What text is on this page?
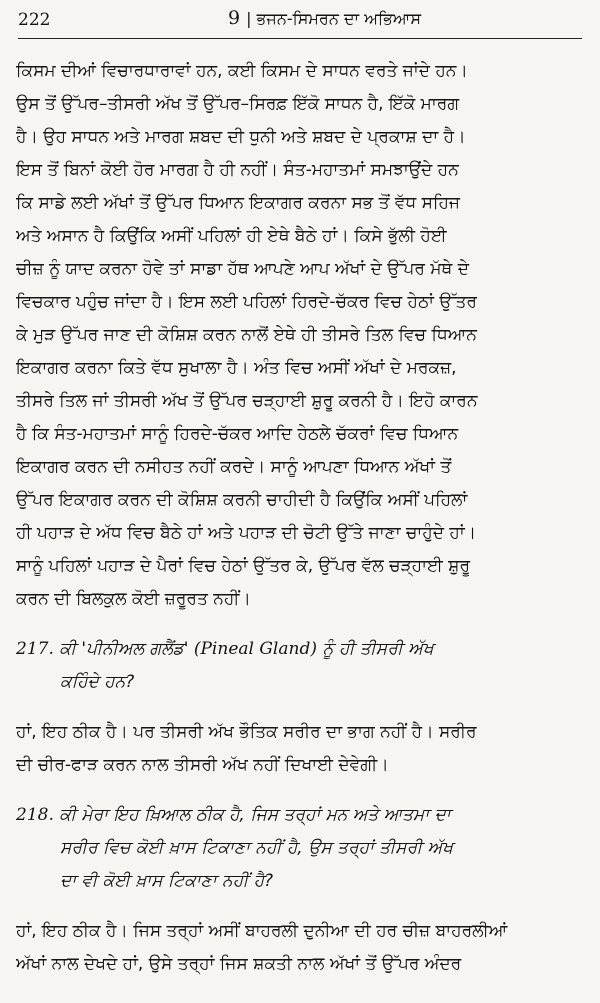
222	9 | ਭਜਨ-ਸਿਮਰਨ ਦਾ ਅਭਿਆਸ
ਕਿਸਮ ਦੀਆਂ ਵਿਚਾਰਧਾਰਾਵਾਂ ਹਨ, ਕਈ ਕਿਸਮ ਦੇ ਸਾਧਨ ਵਰਤੇ ਜਾਂਦੇ ਹਨ।
ਉਸ ਤੋਂ ਉੱਪਰ–ਤੀਸਰੀ ਅੱਖ ਤੋਂ ਉੱਪਰ–ਸਿਰਫ਼ ਇੱਕੋ ਸਾਧਨ ਹੈ, ਇੱਕੋ ਮਾਰਗ
ਹੈ। ਉਹ ਸਾਧਨ ਅਤੇ ਮਾਰਗ ਸ਼ਬਦ ਦੀ ਧੁਨੀ ਅਤੇ ਸ਼ਬਦ ਦੇ ਪ੍ਰਕਾਸ਼ ਦਾ ਹੈ।
ਇਸ ਤੋਂ ਬਿਨਾਂ ਕੋਈ ਹੋਰ ਮਾਰਗ ਹੈ ਹੀ ਨਹੀਂ। ਸੰਤ-ਮਹਾਤਮਾਂ ਸਮਝਾਉਂਦੇ ਹਨ
ਕਿ ਸਾਡੇ ਲਈ ਅੱਖਾਂ ਤੋਂ ਉੱਪਰ ਧਿਆਨ ਇਕਾਗਰ ਕਰਨਾ ਸਭ ਤੋਂ ਵੱਧ ਸਹਿਜ
ਅਤੇ ਅਸਾਨ ਹੈ ਕਿਉਂਕਿ ਅਸੀਂ ਪਹਿਲਾਂ ਹੀ ਏਥੇ ਬੈਠੇ ਹਾਂ। ਕਿਸੇ ਭੁੱਲੀ ਹੋਈ
ਚੀਜ਼ ਨੂੰ ਯਾਦ ਕਰਨਾ ਹੋਵੇ ਤਾਂ ਸਾਡਾ ਹੱਥ ਆਪਣੇ ਆਪ ਅੱਖਾਂ ਦੇ ਉੱਪਰ ਮੱਥੇ ਦੇ
ਵਿਚਕਾਰ ਪਹੁੰਚ ਜਾਂਦਾ ਹੈ। ਇਸ ਲਈ ਪਹਿਲਾਂ ਹਿਰਦੇ-ਚੱਕਰ ਵਿਚ ਹੇਠਾਂ ਉੱਤਰ
ਕੇ ਮੁੜ ਉੱਪਰ ਜਾਣ ਦੀ ਕੋਸ਼ਿਸ਼ ਕਰਨ ਨਾਲੋਂ ਏਥੇ ਹੀ ਤੀਸਰੇ ਤਿਲ ਵਿਚ ਧਿਆਨ
ਇਕਾਗਰ ਕਰਨਾ ਕਿਤੇ ਵੱਧ ਸੁਖਾਲਾ ਹੈ। ਅੰਤ ਵਿਚ ਅਸੀਂ ਅੱਖਾਂ ਦੇ ਮਰਕਜ਼,
ਤੀਸਰੇ ਤਿਲ ਜਾਂ ਤੀਸਰੀ ਅੱਖ ਤੋਂ ਉੱਪਰ ਚੜ੍ਹਾਈ ਸ਼ੁਰੂ ਕਰਨੀ ਹੈ। ਇਹੋ ਕਾਰਨ
ਹੈ ਕਿ ਸੰਤ-ਮਹਾਤਮਾਂ ਸਾਨੂੰ ਹਿਰਦੇ-ਚੱਕਰ ਆਦਿ ਹੇਠਲੇ ਚੱਕਰਾਂ ਵਿਚ ਧਿਆਨ
ਇਕਾਗਰ ਕਰਨ ਦੀ ਨਸੀਹਤ ਨਹੀਂ ਕਰਦੇ। ਸਾਨੂੰ ਆਪਣਾ ਧਿਆਨ ਅੱਖਾਂ ਤੋਂ
ਉੱਪਰ ਇਕਾਗਰ ਕਰਨ ਦੀ ਕੋਸ਼ਿਸ਼ ਕਰਨੀ ਚਾਹੀਦੀ ਹੈ ਕਿਉਂਕਿ ਅਸੀਂ ਪਹਿਲਾਂ
ਹੀ ਪਹਾੜ ਦੇ ਅੱਧ ਵਿਚ ਬੈਠੇ ਹਾਂ ਅਤੇ ਪਹਾੜ ਦੀ ਚੋਟੀ ਉੱਤੇ ਜਾਣਾ ਚਾਹੁੰਦੇ ਹਾਂ।
ਸਾਨੂੰ ਪਹਿਲਾਂ ਪਹਾੜ ਦੇ ਪੈਰਾਂ ਵਿਚ ਹੇਠਾਂ ਉੱਤਰ ਕੇ, ਉੱਪਰ ਵੱਲ ਚੜ੍ਹਾਈ ਸ਼ੁਰੂ
ਕਰਨ ਦੀ ਬਿਲਕੁਲ ਕੋਈ ਜ਼ਰੂਰਤ ਨਹੀਂ।
217. ਕੀ 'ਪੀਨੀਅਲ ਗਲੈਂਡ' (Pineal Gland) ਨੂੰ ਹੀ ਤੀਸਰੀ ਅੱਖ
ਕਹਿੰਦੇ ਹਨ?
ਹਾਂ, ਇਹ ਠੀਕ ਹੈ। ਪਰ ਤੀਸਰੀ ਅੱਖ ਭੌਤਿਕ ਸਰੀਰ ਦਾ ਭਾਗ ਨਹੀਂ ਹੈ। ਸਰੀਰ
ਦੀ ਚੀਰ-ਫਾੜ ਕਰਨ ਨਾਲ ਤੀਸਰੀ ਅੱਖ ਨਹੀਂ ਦਿਖਾਈ ਦੇਵੇਗੀ।
218. ਕੀ ਮੇਰਾ ਇਹ ਖ਼ਿਆਲ ਠੀਕ ਹੈ, ਜਿਸ ਤਰ੍ਹਾਂ ਮਨ ਅਤੇ ਆਤਮਾ ਦਾ
ਸਰੀਰ ਵਿਚ ਕੋਈ ਖ਼ਾਸ ਟਿਕਾਣਾ ਨਹੀਂ ਹੈ, ਉਸ ਤਰ੍ਹਾਂ ਤੀਸਰੀ ਅੱਖ
ਦਾ ਵੀ ਕੋਈ ਖ਼ਾਸ ਟਿਕਾਣਾ ਨਹੀਂ ਹੈ?
ਹਾਂ, ਇਹ ਠੀਕ ਹੈ। ਜਿਸ ਤਰ੍ਹਾਂ ਅਸੀਂ ਬਾਹਰਲੀ ਦੁਨੀਆ ਦੀ ਹਰ ਚੀਜ਼ ਬਾਹਰਲੀਆਂ
ਅੱਖਾਂ ਨਾਲ ਦੇਖਦੇ ਹਾਂ, ਉਸੇ ਤਰ੍ਹਾਂ ਜਿਸ ਸ਼ਕਤੀ ਨਾਲ ਅੱਖਾਂ ਤੋਂ ਉੱਪਰ ਅੰਦਰ
